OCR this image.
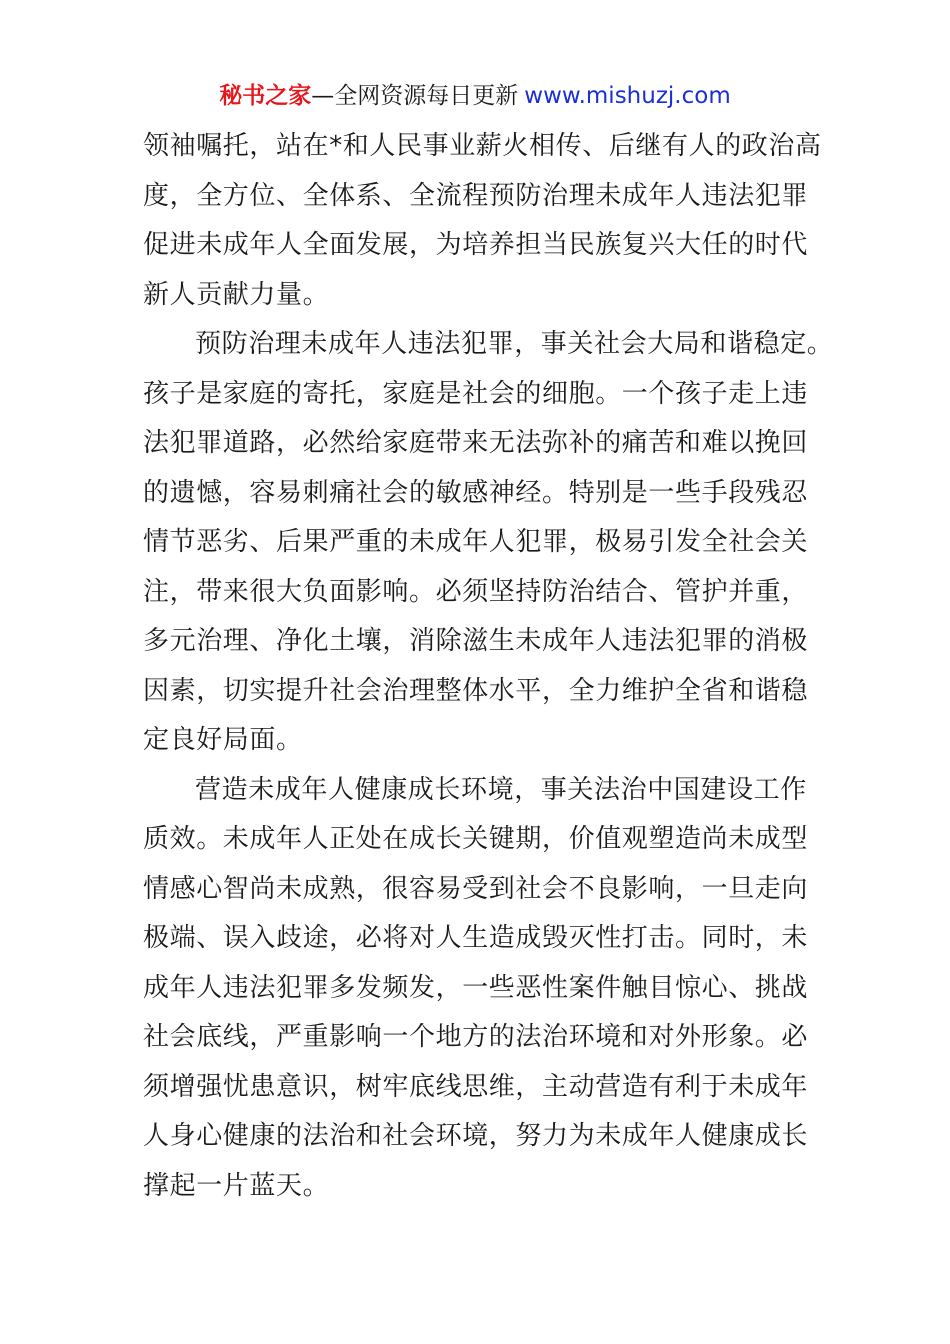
秘书之家—全网资源每日更新 www.mishuzj.com
领袖嘱托，站在*和人民事业薪火相传、后继有人的政治高
度，全方位、全体系、全流程预防治理未成年人违法犯罪
促进未成年人全面发展，为培养担当民族复兴大任的时代
新人贡献力量。
预防治理未成年人违法犯罪，事关社会大局和谐稳定。
孩子是家庭的寄托，家庭是社会的细胞。一个孩子走上违
法犯罪道路，必然给家庭带来无法弥补的痛苦和难以挽回
的遗憾，容易刺痛社会的敏感神经。特别是一些手段残忍
情节恶劣、后果严重的未成年人犯罪，极易引发全社会关
注，带来很大负面影响。必须坚持防治结合、管护并重，
多元治理、净化土壤，消除滋生未成年人违法犯罪的消极
因素，切实提升社会治理整体水平，全力维护全省和谐稳
定良好局面。
营造未成年人健康成长环境，事关法治中国建设工作
质效。未成年人正处在成长关键期，价值观塑造尚未成型
情感心智尚未成熟，很容易受到社会不良影响，一旦走向
极端、误入歧途，必将对人生造成毁灭性打击。同时，未
成年人违法犯罪多发频发，一些恶性案件触目惊心、挑战
社会底线，严重影响一个地方的法治环境和对外形象。必
须增强忧患意识，树牢底线思维，主动营造有利于未成年
人身心健康的法治和社会环境，努力为未成年人健康成长
撑起一片蓝天。
